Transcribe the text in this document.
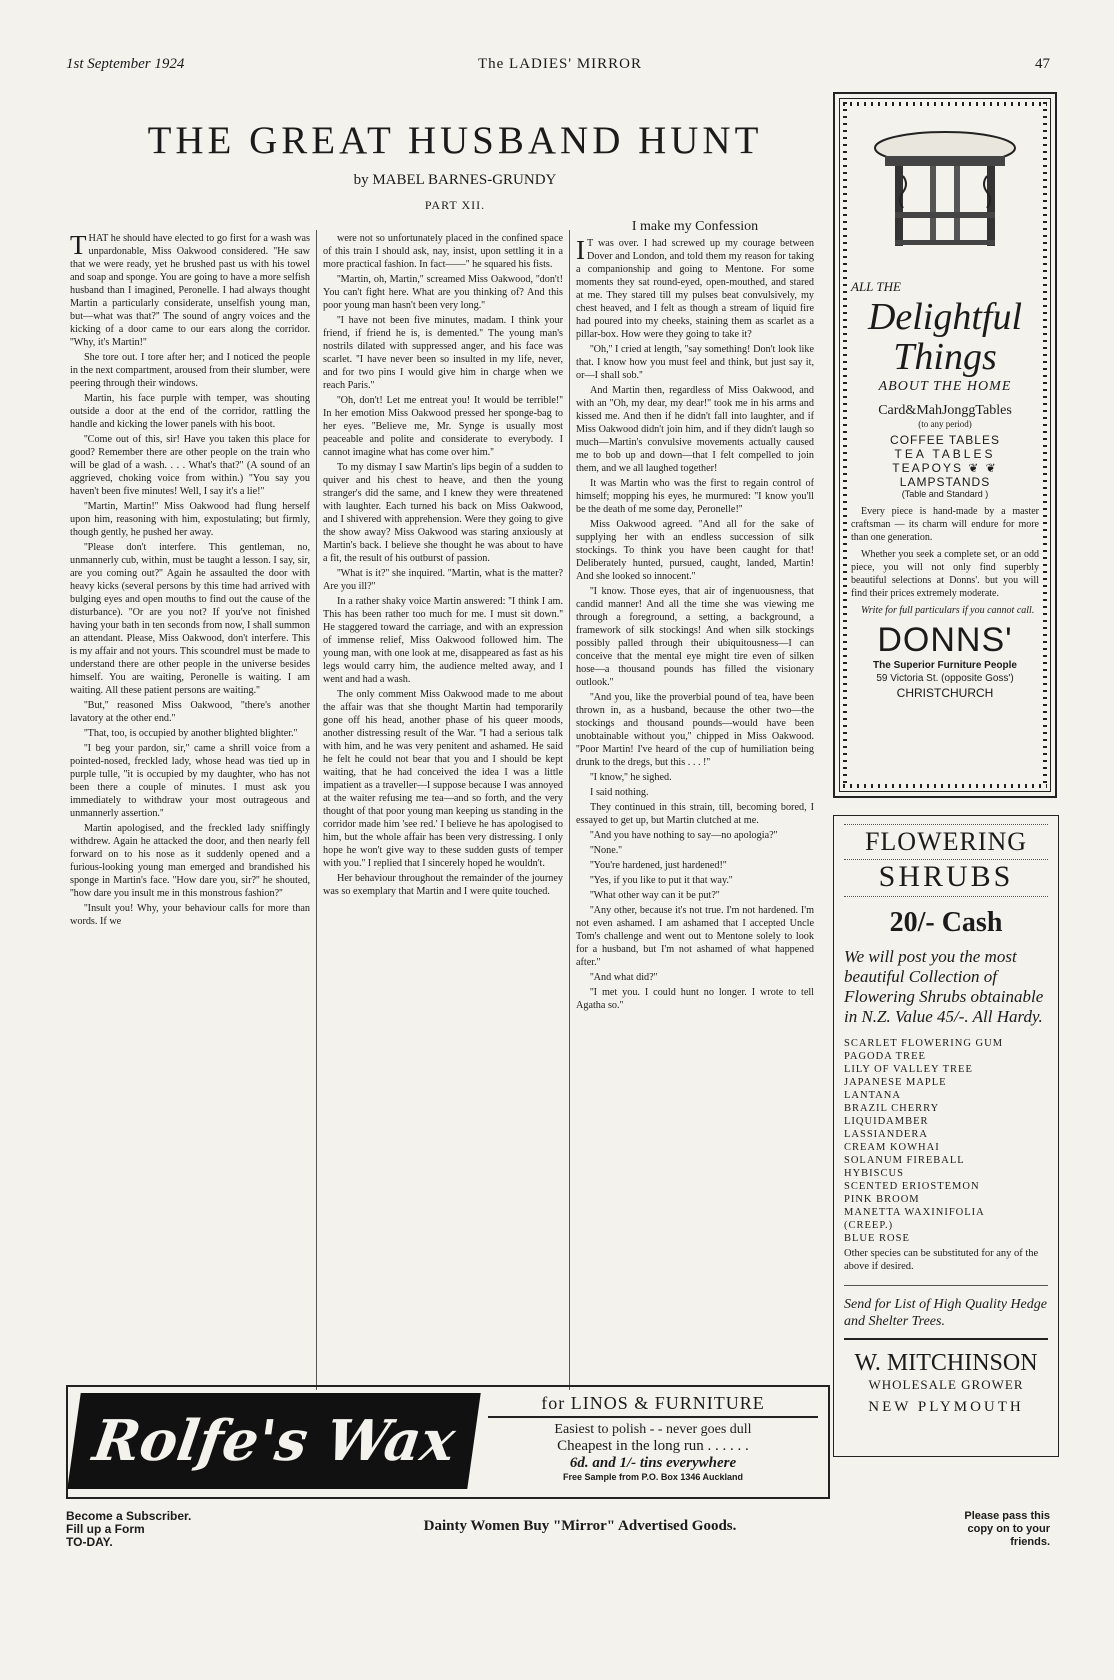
1st September 1924	The LADIES' MIRROR	47
THE GREAT HUSBAND HUNT
by MABEL BARNES-GRUNDY
PART XII.

THAT he should have elected to go first for a wash was unpardonable, Miss Oakwood considered. ''He saw that we were ready, yet he brushed past us with his towel and soap and sponge. You are going to have a more selfish husband than I imagined, Peronelle. I had always thought Martin a particularly considerate, unselfish young man, but—what was that?'' The sound of angry voices and the kicking of a door came to our ears along the corridor. ''Why, it's Martin!''

She tore out. I tore after her; and I noticed the people in the next compartment, aroused from their slumber, were peering through their windows.

Martin, his face purple with temper, was shouting outside a door at the end of the corridor, rattling the handle and kicking the lower panels with his boot.

''Come out of this, sir! Have you taken this place for good? Remember there are other people on the train who will be glad of a wash. . . . What's that?'' (A sound of an aggrieved, choking voice from within.) ''You say you haven't been five minutes! Well, I say it's a lie!''

''Martin, Martin!'' Miss Oakwood had flung herself upon him, reasoning with him, expostulating; but firmly, though gently, he pushed her away.

''Please don't interfere. This gentleman, no, unmannerly cub, within, must be taught a lesson. I say, sir, are you coming out?'' Again he assaulted the door with heavy kicks (several persons by this time had arrived with bulging eyes and open mouths to find out the cause of the disturbance). ''Or are you not? If you've not finished having your bath in ten seconds from now, I shall summon an attendant. Please, Miss Oakwood, don't interfere. This is my affair and not yours. This scoundrel must be made to understand there are other people in the universe besides himself. You are waiting, Peronelle is waiting. I am waiting. All these patient persons are waiting.''

''But,'' reasoned Miss Oakwood, ''there's another lavatory at the other end.''

''That, too, is occupied by another blighted blighter.''

''I beg your pardon, sir,'' came a shrill voice from a pointed-nosed, freckled lady, whose head was tied up in purple tulle, ''it is occupied by my daughter, who has not been there a couple of minutes. I must ask you immediately to withdraw your most outrageous and unmannerly assertion.''

Martin apologised, and the freckled lady sniffingly withdrew. Again he attacked the door, and then nearly fell forward on to his nose as it suddenly opened and a furious-looking young man emerged and brandished his sponge in Martin's face. ''How dare you, sir?'' he shouted, ''how dare you insult me in this monstrous fashion?''

''Insult you! Why, your behaviour calls for more than words. If we

were not so unfortunately placed in the confined space of this train I should ask, nay, insist, upon settling it in a more practical fashion. In fact——'' he squared his fists.

''Martin, oh, Martin,'' screamed Miss Oakwood, ''don't! You can't fight here. What are you thinking of? And this poor young man hasn't been very long.''

''I have not been five minutes, madam. I think your friend, if friend he is, is demented.'' The young man's nostrils dilated with suppressed anger, and his face was scarlet. ''I have never been so insulted in my life, never, and for two pins I would give him in charge when we reach Paris.''

''Oh, don't! Let me entreat you! It would be terrible!'' In her emotion Miss Oakwood pressed her sponge-bag to her eyes. ''Believe me, Mr. Synge is usually most peaceable and polite and considerate to everybody. I cannot imagine what has come over him.''

To my dismay I saw Martin's lips begin of a sudden to quiver and his chest to heave, and then the young stranger's did the same, and I knew they were threatened with laughter. Each turned his back on Miss Oakwood, and I shivered with apprehension. Were they going to give the show away? Miss Oakwood was staring anxiously at Martin's back. I believe she thought he was about to have a fit, the result of his outburst of passion.

''What is it?'' she inquired. ''Martin, what is the matter? Are you ill?''

In a rather shaky voice Martin answered: ''I think I am. This has been rather too much for me. I must sit down.'' He staggered toward the carriage, and with an expression of immense relief, Miss Oakwood followed him. The young man, with one look at me, disappeared as fast as his legs would carry him, the audience melted away, and I went and had a wash.

The only comment Miss Oakwood made to me about the affair was that she thought Martin had temporarily gone off his head, another phase of his queer moods, another distressing result of the War. ''I had a serious talk with him, and he was very penitent and ashamed. He said he felt he could not bear that you and I should be kept waiting, that he had conceived the idea I was a little impatient as a traveller—I suppose because I was annoyed at the waiter refusing me tea—and so forth, and the very thought of that poor young man keeping us standing in the corridor made him 'see red.' I believe he has apologised to him, but the whole affair has been very distressing. I only hope he won't give way to these sudden gusts of temper with you.'' I replied that I sincerely hoped he wouldn't.

Her behaviour throughout the remainder of the journey was so exemplary that Martin and I were quite touched.

I make my Confession

I T was over. I had screwed up my courage between Dover and London, and told them my reason for taking a companionship and going to Mentone. For some moments they sat round-eyed, open-mouthed, and stared at me. They stared till my pulses beat convulsively, my chest heaved, and I felt as though a stream of liquid fire had poured into my cheeks, staining them as scarlet as a pillar-box. How were they going to take it?

''Oh,'' I cried at length, ''say something! Don't look like that. I know how you must feel and think, but just say it, or—I shall sob.''

And Martin then, regardless of Miss Oakwood, and with an ''Oh, my dear, my dear!'' took me in his arms and kissed me. And then if he didn't fall into laughter, and if Miss Oakwood didn't join him, and if they didn't laugh so much—Martin's convulsive movements actually caused me to bob up and down—that I felt compelled to join them, and we all laughed together!

It was Martin who was the first to regain control of himself; mopping his eyes, he murmured: ''I know you'll be the death of me some day, Peronelle!''

Miss Oakwood agreed. ''And all for the sake of supplying her with an endless succession of silk stockings. To think you have been caught for that! Deliberately hunted, pursued, caught, landed, Martin! And she looked so innocent.''

''I know. Those eyes, that air of ingenuousness, that candid manner! And all the time she was viewing me through a foreground, a setting, a background, a framework of silk stockings! And when silk stockings possibly palled through their ubiquitousness—I can conceive that the mental eye might tire even of silken hose—a thousand pounds has filled the visionary outlook.''

''And you, like the proverbial pound of tea, have been thrown in, as a husband, because the other two—the stockings and thousand pounds—would have been unobtainable without you,'' chipped in Miss Oakwood. ''Poor Martin! I've heard of the cup of humiliation being drunk to the dregs, but this . . . !''

''I know,'' he sighed.

I said nothing.

They continued in this strain, till, becoming bored, I essayed to get up, but Martin clutched at me.

''And you have nothing to say—no apologia?''

''None.''

''You're hardened, just hardened!''

''Yes, if you like to put it that way.''

''What other way can it be put?''

''Any other, because it's not true. I'm not hardened. I'm not even ashamed. I am ashamed that I accepted Uncle Tom's challenge and went out to Mentone solely to look for a husband, but I'm not ashamed of what happened after.''

''And what did?''

''I met you. I could hunt no longer. I wrote to tell Agatha so.''

ALL THE
Delightful
Things
ABOUT THE HOME
Card&MahJonggTables
(to any period)
COFFEE TABLES
TEA TABLES
TEAPOYS ❦ ❦
LAMPSTANDS
(Table and Standard )

Every piece is hand-made by a master craftsman — its charm will endure for more than one generation.

Whether you seek a complete set, or an odd piece, you will not only find superbly beautiful selections at Donns'. but you will find their prices extremely moderate.

Write for full particulars if you cannot call.

DONNS'
The Superior Furniture People
59 Victoria St. (opposite Goss')
CHRISTCHURCH
FLOWERING
SHRUBS
20/- Cash
We will post you the most beautiful Collection of Flowering Shrubs obtainable in N.Z. Value 45/-. All Hardy.
SCARLET FLOWERING GUM
PAGODA TREE
LILY OF VALLEY TREE
JAPANESE MAPLE
LANTANA
BRAZIL CHERRY
LIQUIDAMBER
LASSIANDERA
CREAM KOWHAI
SOLANUM FIREBALL
HYBISCUS
SCENTED ERIOSTEMON
PINK BROOM
MANETTA WAXINIFOLIA
(CREEP.)
BLUE ROSE
Other species can be substituted for any of the above if desired.
Send for List of High Quality Hedge and Shelter Trees.
W. MITCHINSON
WHOLESALE GROWER
NEW PLYMOUTH
Rolfe's Wax
for LINOS & FURNITURE
Easiest to polish - - never goes dull
Cheapest in the long run . . . . . .
6d. and 1/- tins everywhere
Free Sample from P.O. Box 1346 Auckland
Become a Subscriber.
Fill up a Form
TO-DAY.
Dainty Women Buy "Mirror" Advertised Goods.
Please pass this
copy on to your
friends.
